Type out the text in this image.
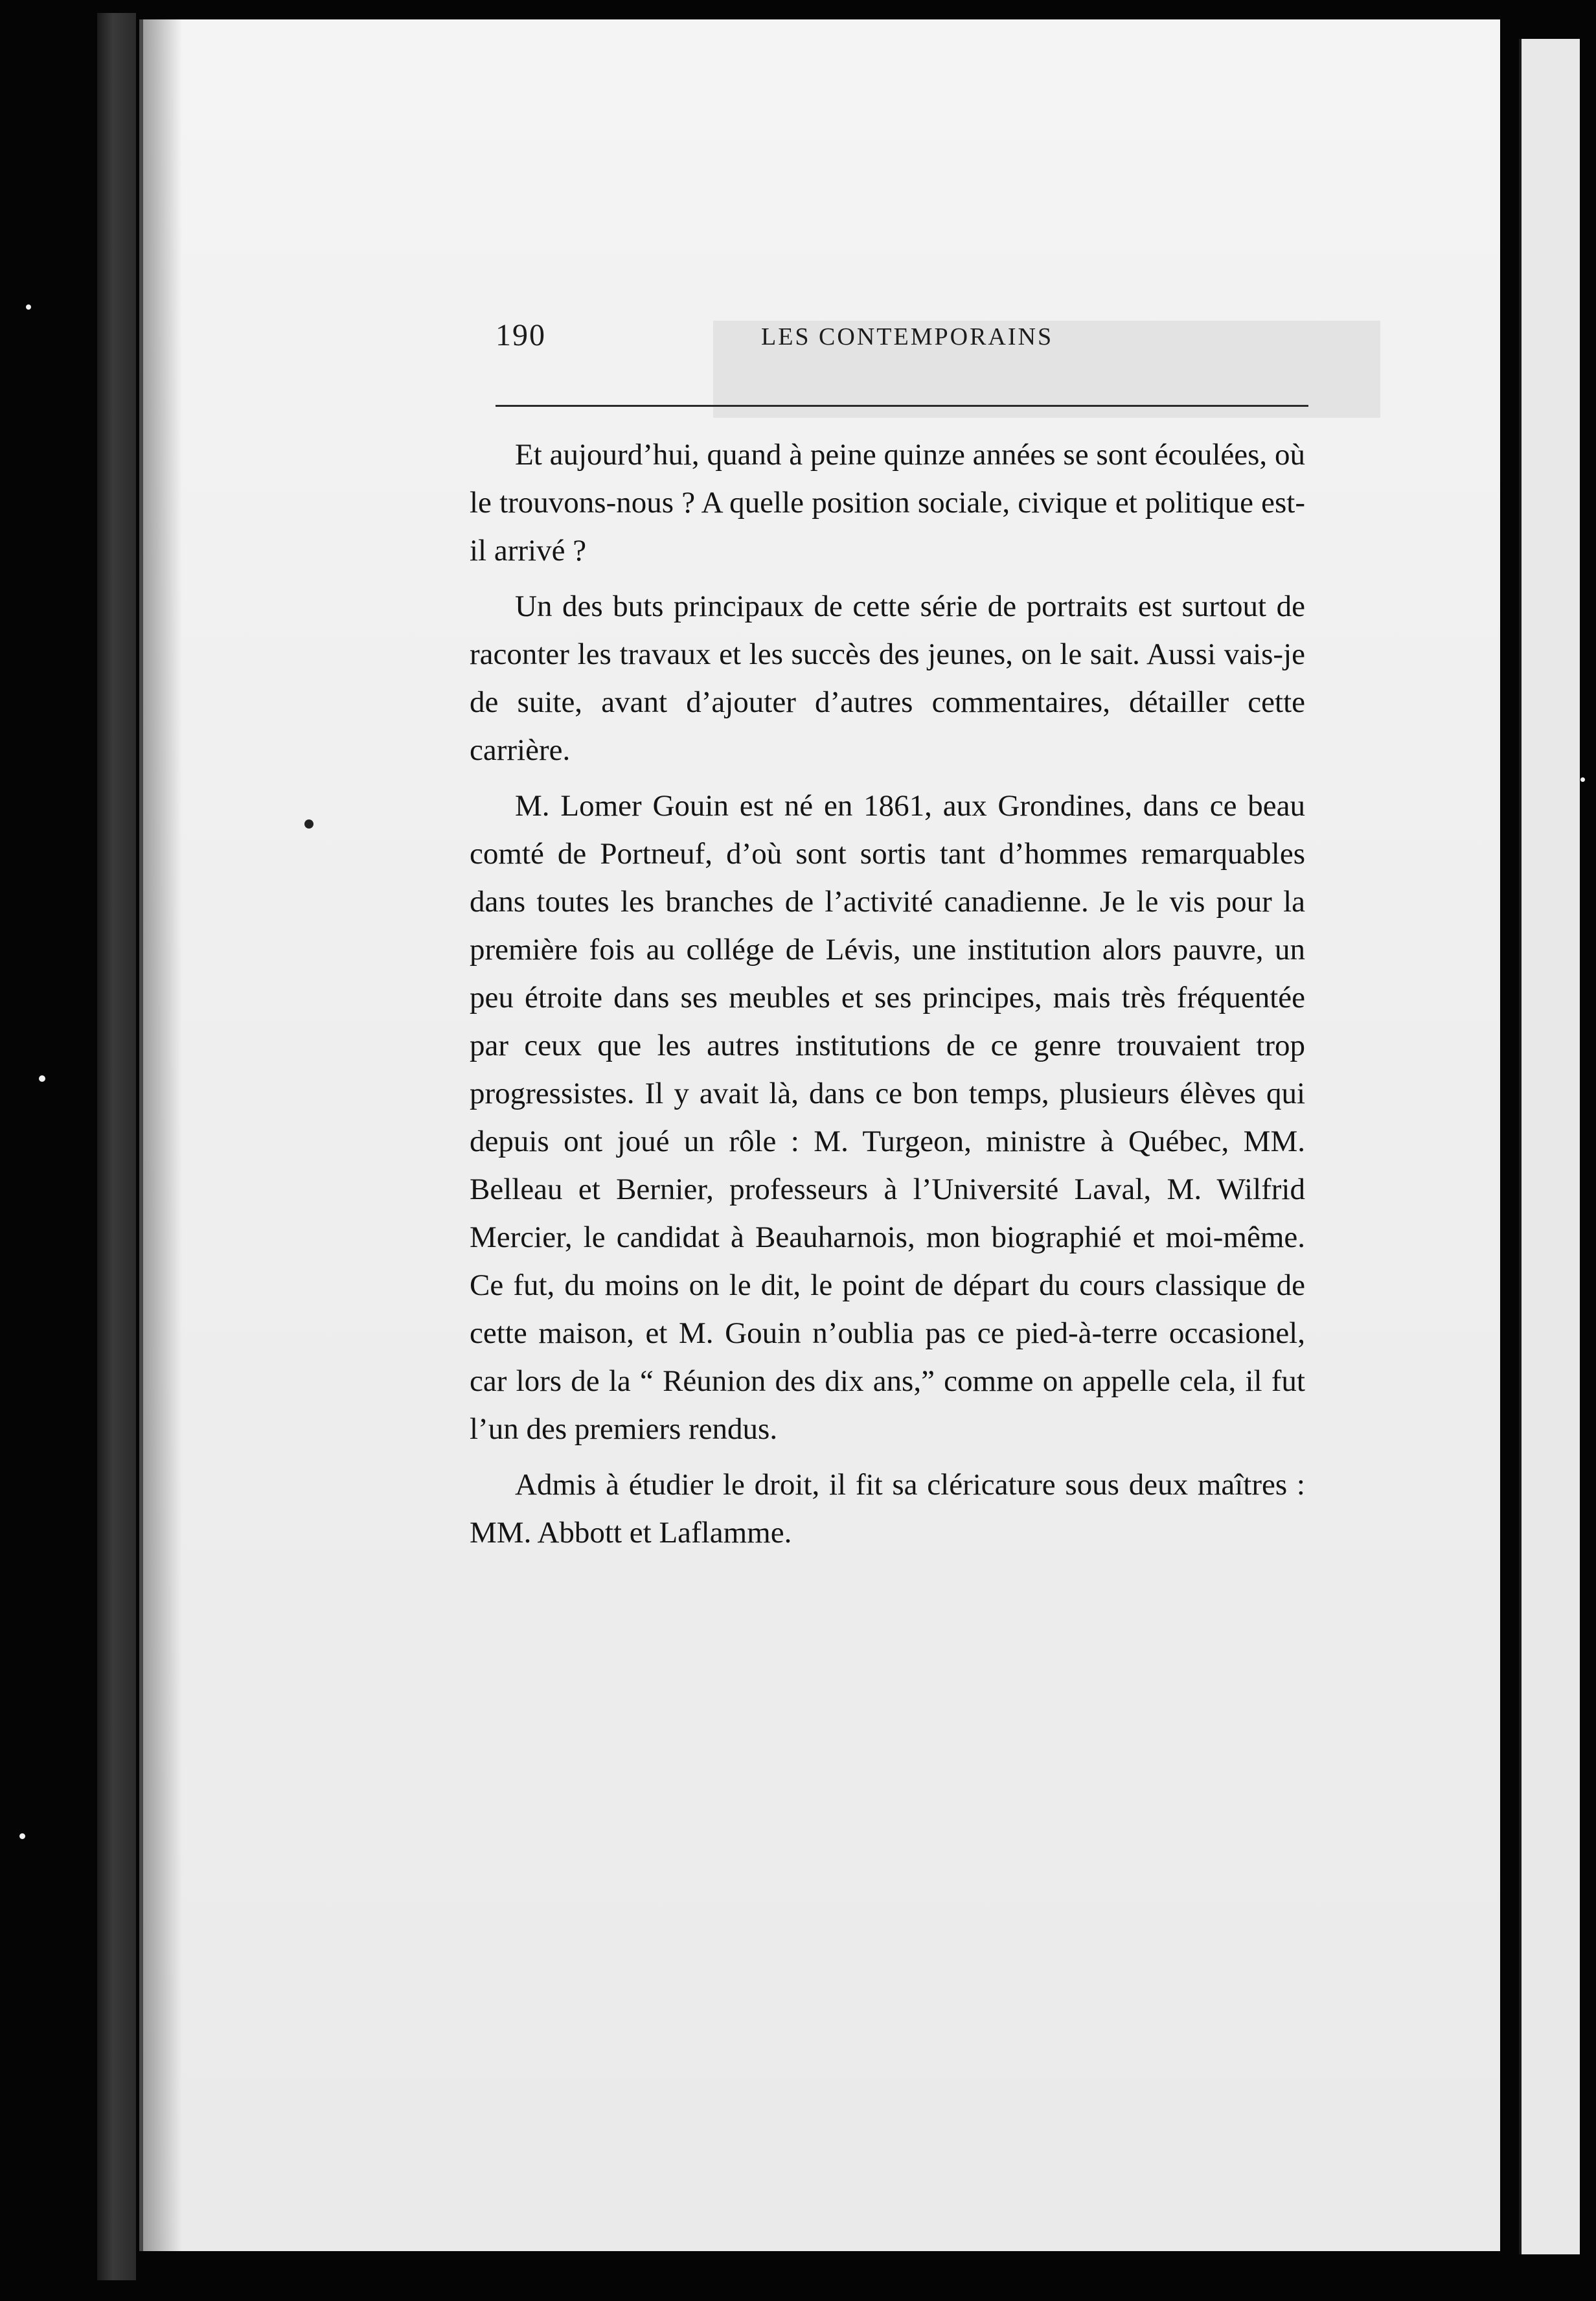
190	LES CONTEMPORAINS

Et aujourd’hui, quand à peine quinze années se sont écoulées, où le trouvons-nous ? A quelle position sociale, civique et politique est-il arrivé ?

Un des buts principaux de cette série de portraits est surtout de raconter les travaux et les succès des jeunes, on le sait. Aussi vais-je de suite, avant d’ajouter d’autres commentaires, détailler cette carrière.

M. Lomer Gouin est né en 1861, aux Grondines, dans ce beau comté de Portneuf, d’où sont sortis tant d’hommes remarquables dans toutes les branches de l’activité canadienne. Je le vis pour la première fois au collége de Lévis, une institution alors pauvre, un peu étroite dans ses meubles et ses principes, mais très fréquentée par ceux que les autres institutions de ce genre trouvaient trop progressistes. Il y avait là, dans ce bon temps, plusieurs élèves qui depuis ont joué un rôle : M. Turgeon, ministre à Québec, MM. Belleau et Bernier, professeurs à l’Université Laval, M. Wilfrid Mercier, le candidat à Beauharnois, mon biographié et moi-même. Ce fut, du moins on le dit, le point de départ du cours classique de cette maison, et M. Gouin n’oublia pas ce pied-à-terre occasionel, car lors de la “ Réunion des dix ans,” comme on appelle cela, il fut l’un des premiers rendus.

Admis à étudier le droit, il fit sa cléricature sous deux maîtres : MM. Abbott et Laflamme.
